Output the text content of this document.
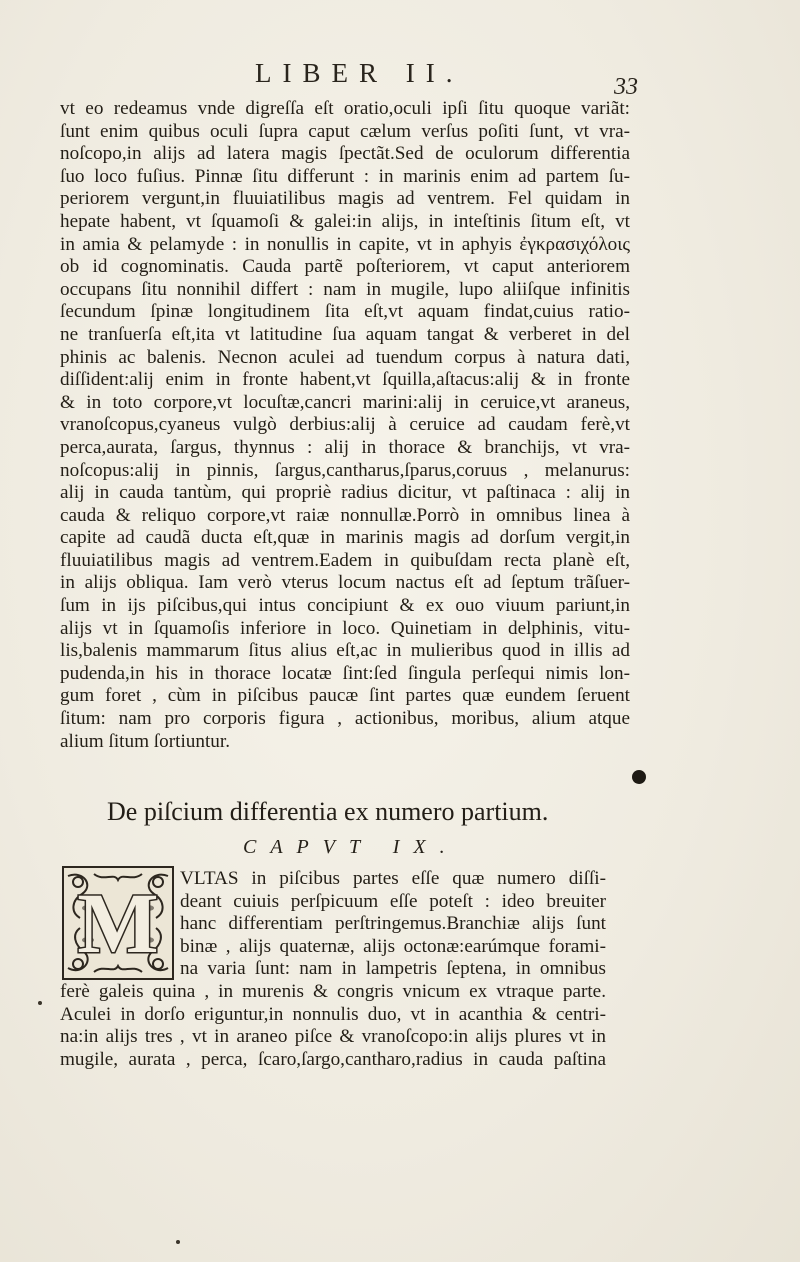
LIBER II.	33
vt eo redeamus vnde digreſſa eſt oratio,oculi ipſi ſitu quoque variãt:
ſunt enim quibus oculi ſupra caput cælum verſus poſiti ſunt, vt vra-
noſcopo,in alijs ad latera magis ſpectãt.Sed de oculorum differentia
ſuo loco fuſius. Pinnæ ſitu differunt : in marinis enim ad partem ſu-
periorem vergunt,in fluuiatilibus magis ad ventrem. Fel quidam in
hepate habent, vt ſquamoſi & galei:in alijs, in inteſtinis ſitum eſt, vt
in amia & pelamyde : in nonullis in capite, vt in aphyis ἐγκρασιχόλοις
ob id cognominatis. Cauda partẽ poſteriorem, vt caput anteriorem
occupans ſitu nonnihil differt : nam in mugile, lupo aliiſque infinitis
ſecundum ſpinæ longitudinem ſita eſt,vt aquam findat,cuius ratio-
ne tranſuerſa eſt,ita vt latitudine ſua aquam tangat & verberet in del
phinis ac balenis. Necnon aculei ad tuendum corpus à natura dati,
diſſident:alij enim in fronte habent,vt ſquilla,aſtacus:alij & in fronte
& in toto corpore,vt locuſtæ,cancri marini:alij in ceruice,vt araneus,
vranoſcopus,cyaneus vulgò derbius:alij à ceruice ad caudam ferè,vt
perca,aurata, ſargus, thynnus : alij in thorace & branchijs, vt vra-
noſcopus:alij in pinnis, ſargus,cantharus,ſparus,coruus , melanurus:
alij in cauda tantùm, qui propriè radius dicitur, vt paſtinaca : alij in
cauda & reliquo corpore,vt raiæ nonnullæ.Porrò in omnibus linea à
capite ad caudã ducta eſt,quæ in marinis magis ad dorſum vergit,in
fluuiatilibus magis ad ventrem.Eadem in quibuſdam recta planè eſt,
in alijs obliqua. Iam verò vterus locum nactus eſt ad ſeptum trãſuer-
ſum in ijs piſcibus,qui intus concipiunt & ex ouo viuum pariunt,in
alijs vt in ſquamoſis inferiore in loco. Quinetiam in delphinis, vitu-
lis,balenis mammarum ſitus alius eſt,ac in mulieribus quod in illis ad
pudenda,in his in thorace locatæ ſint:ſed ſingula perſequi nimis lon-
gum foret , cùm in piſcibus paucæ ſint partes quæ eundem ſeruent
ſitum: nam pro corporis figura , actionibus, moribus, alium atque
alium ſitum ſortiuntur.
De piſcium differentia ex numero partium.
CAPVT IX.
M VLTAS in piſcibus partes eſſe quæ numero diſſi-
deant cuiuis perſpicuum eſſe poteſt : ideo breuiter
hanc differentiam perſtringemus.Branchiæ alijs ſunt
binæ , alijs quaternæ, alijs octonæ:earúmque forami-
na varia ſunt: nam in lampetris ſeptena, in omnibus
ferè galeis quina , in murenis & congris vnicum ex vtraque parte.
Aculei in dorſo eriguntur,in nonnulis duo, vt in acanthia & centri-
na:in alijs tres , vt in araneo piſce & vranoſcopo:in alijs plures vt in
mugile, aurata , perca, ſcaro,ſargo,cantharo,radius in cauda paſtina
